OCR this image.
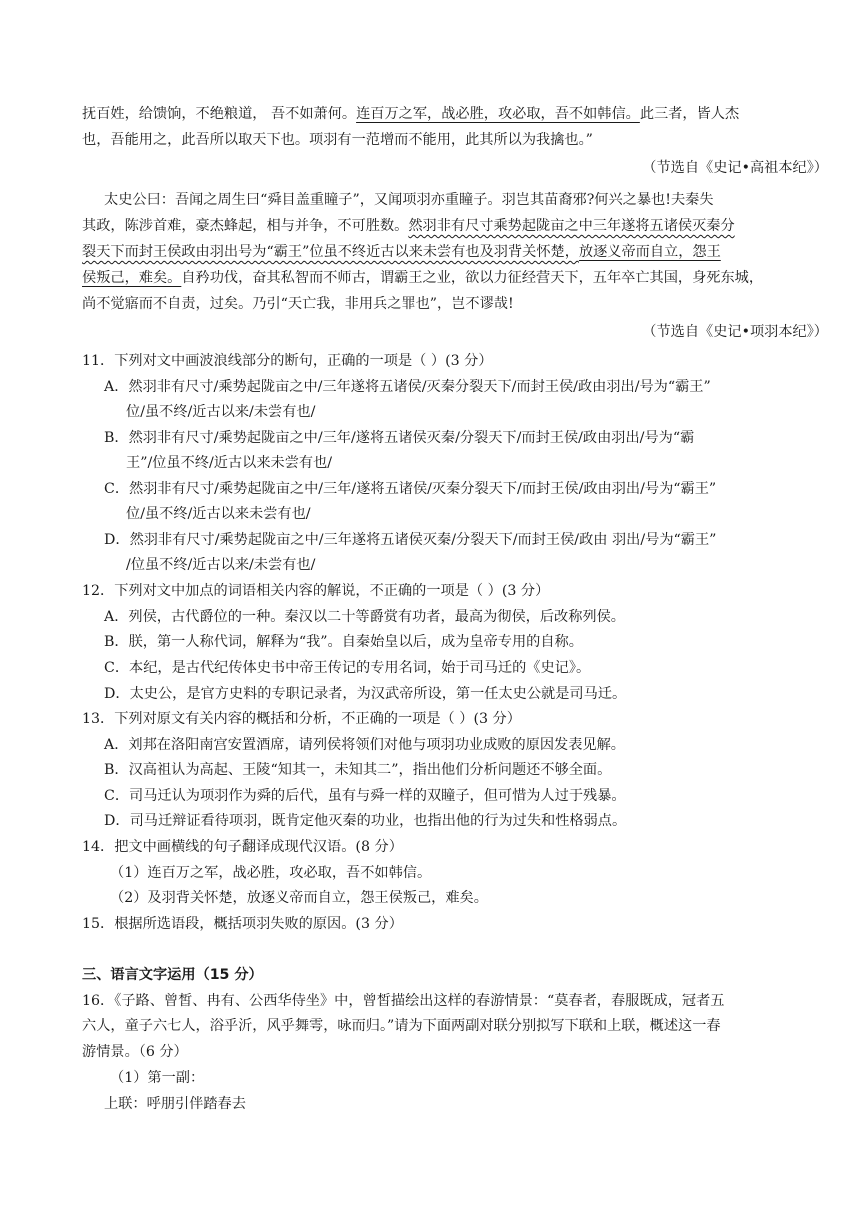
抚百姓，给馈饷，不绝粮道， 吾不如萧何。连百万之军，战必胜，攻必取，吾不如韩信。此三者，皆人杰
也，吾能用之，此吾所以取天下也。项羽有一范增而不能用，此其所以为我擒也。”
（节选自《史记•高祖本纪》）
太史公曰：吾闻之周生曰“舜目盖重瞳子”，又闻项羽亦重瞳子。羽岂其苗裔邪?何兴之暴也!夫秦失
其政，陈涉首难，豪杰蜂起，相与并争，不可胜数。然羽非有尺寸乘势起陇亩之中三年遂将五诸侯灭秦分
裂天下而封王侯政由羽出号为“霸王”位虽不终近古以来未尝有也及羽背关怀楚，放逐义帝而自立，怨王
侯叛己，难矣。自矜功伐，奋其私智而不师古，谓霸王之业，欲以力征经营天下，五年卒亡其国，身死东城，
尚不觉寤而不自责，过矣。乃引“天亡我，非用兵之罪也”，岂不谬哉!
（节选自《史记•项羽本纪》）
11．下列对文中画波浪线部分的断句，正确的一项是（ ）(3 分）
A．然羽非有尺寸/乘势起陇亩之中/三年遂将五诸侯/灭秦分裂天下/而封王侯/政由羽出/号为“霸王”
位/虽不终/近古以来/未尝有也/
B．然羽非有尺寸/乘势起陇亩之中/三年/遂将五诸侯灭秦/分裂天下/而封王侯/政由羽出/号为“霸
王”/位虽不终/近古以来未尝有也/
C．然羽非有尺寸/乘势起陇亩之中/三年/遂将五诸侯/灭秦分裂天下/而封王侯/政由羽出/号为“霸王”
位/虽不终/近古以来未尝有也/
D．然羽非有尺寸/乘势起陇亩之中/三年遂将五诸侯灭秦/分裂天下/而封王侯/政由 羽出/号为“霸王”
/位虽不终/近古以来/未尝有也/
12．下列对文中加点的词语相关内容的解说，不正确的一项是（ ）(3 分）
A．列侯，古代爵位的一种。秦汉以二十等爵赏有功者，最高为彻侯，后改称列侯。
B．朕，第一人称代词，解释为“我”。自秦始皇以后，成为皇帝专用的自称。
C．本纪，是古代纪传体史书中帝王传记的专用名词，始于司马迁的《史记》。
D．太史公，是官方史料的专职记录者，为汉武帝所设，第一任太史公就是司马迁。
13．下列对原文有关内容的概括和分析，不正确的一项是（ ）(3 分）
A．刘邦在洛阳南宫安置酒席，请列侯将领们对他与项羽功业成败的原因发表见解。
B．汉高祖认为高起、王陵“知其一，未知其二”，指出他们分析问题还不够全面。
C．司马迁认为项羽作为舜的后代，虽有与舜一样的双瞳子，但可惜为人过于残暴。
D．司马迁辩证看待项羽，既肯定他灭秦的功业，也指出他的行为过失和性格弱点。
14．把文中画横线的句子翻译成现代汉语。(8 分）
（1）连百万之军，战必胜，攻必取，吾不如韩信。
（2）及羽背关怀楚，放逐义帝而自立，怨王侯叛己，难矣。
15．根据所选语段，概括项羽失败的原因。(3 分）
三、语言文字运用（15 分）
16．《子路、曾皙、冉有、公西华侍坐》中，曾皙描绘出这样的春游情景：“莫春者，春服既成，冠者五
六人，童子六七人，浴乎沂，风乎舞雩，咏而归。”请为下面两副对联分别拟写下联和上联，概述这一春
游情景。（6 分）
（1）第一副：
上联：呼朋引伴踏春去
